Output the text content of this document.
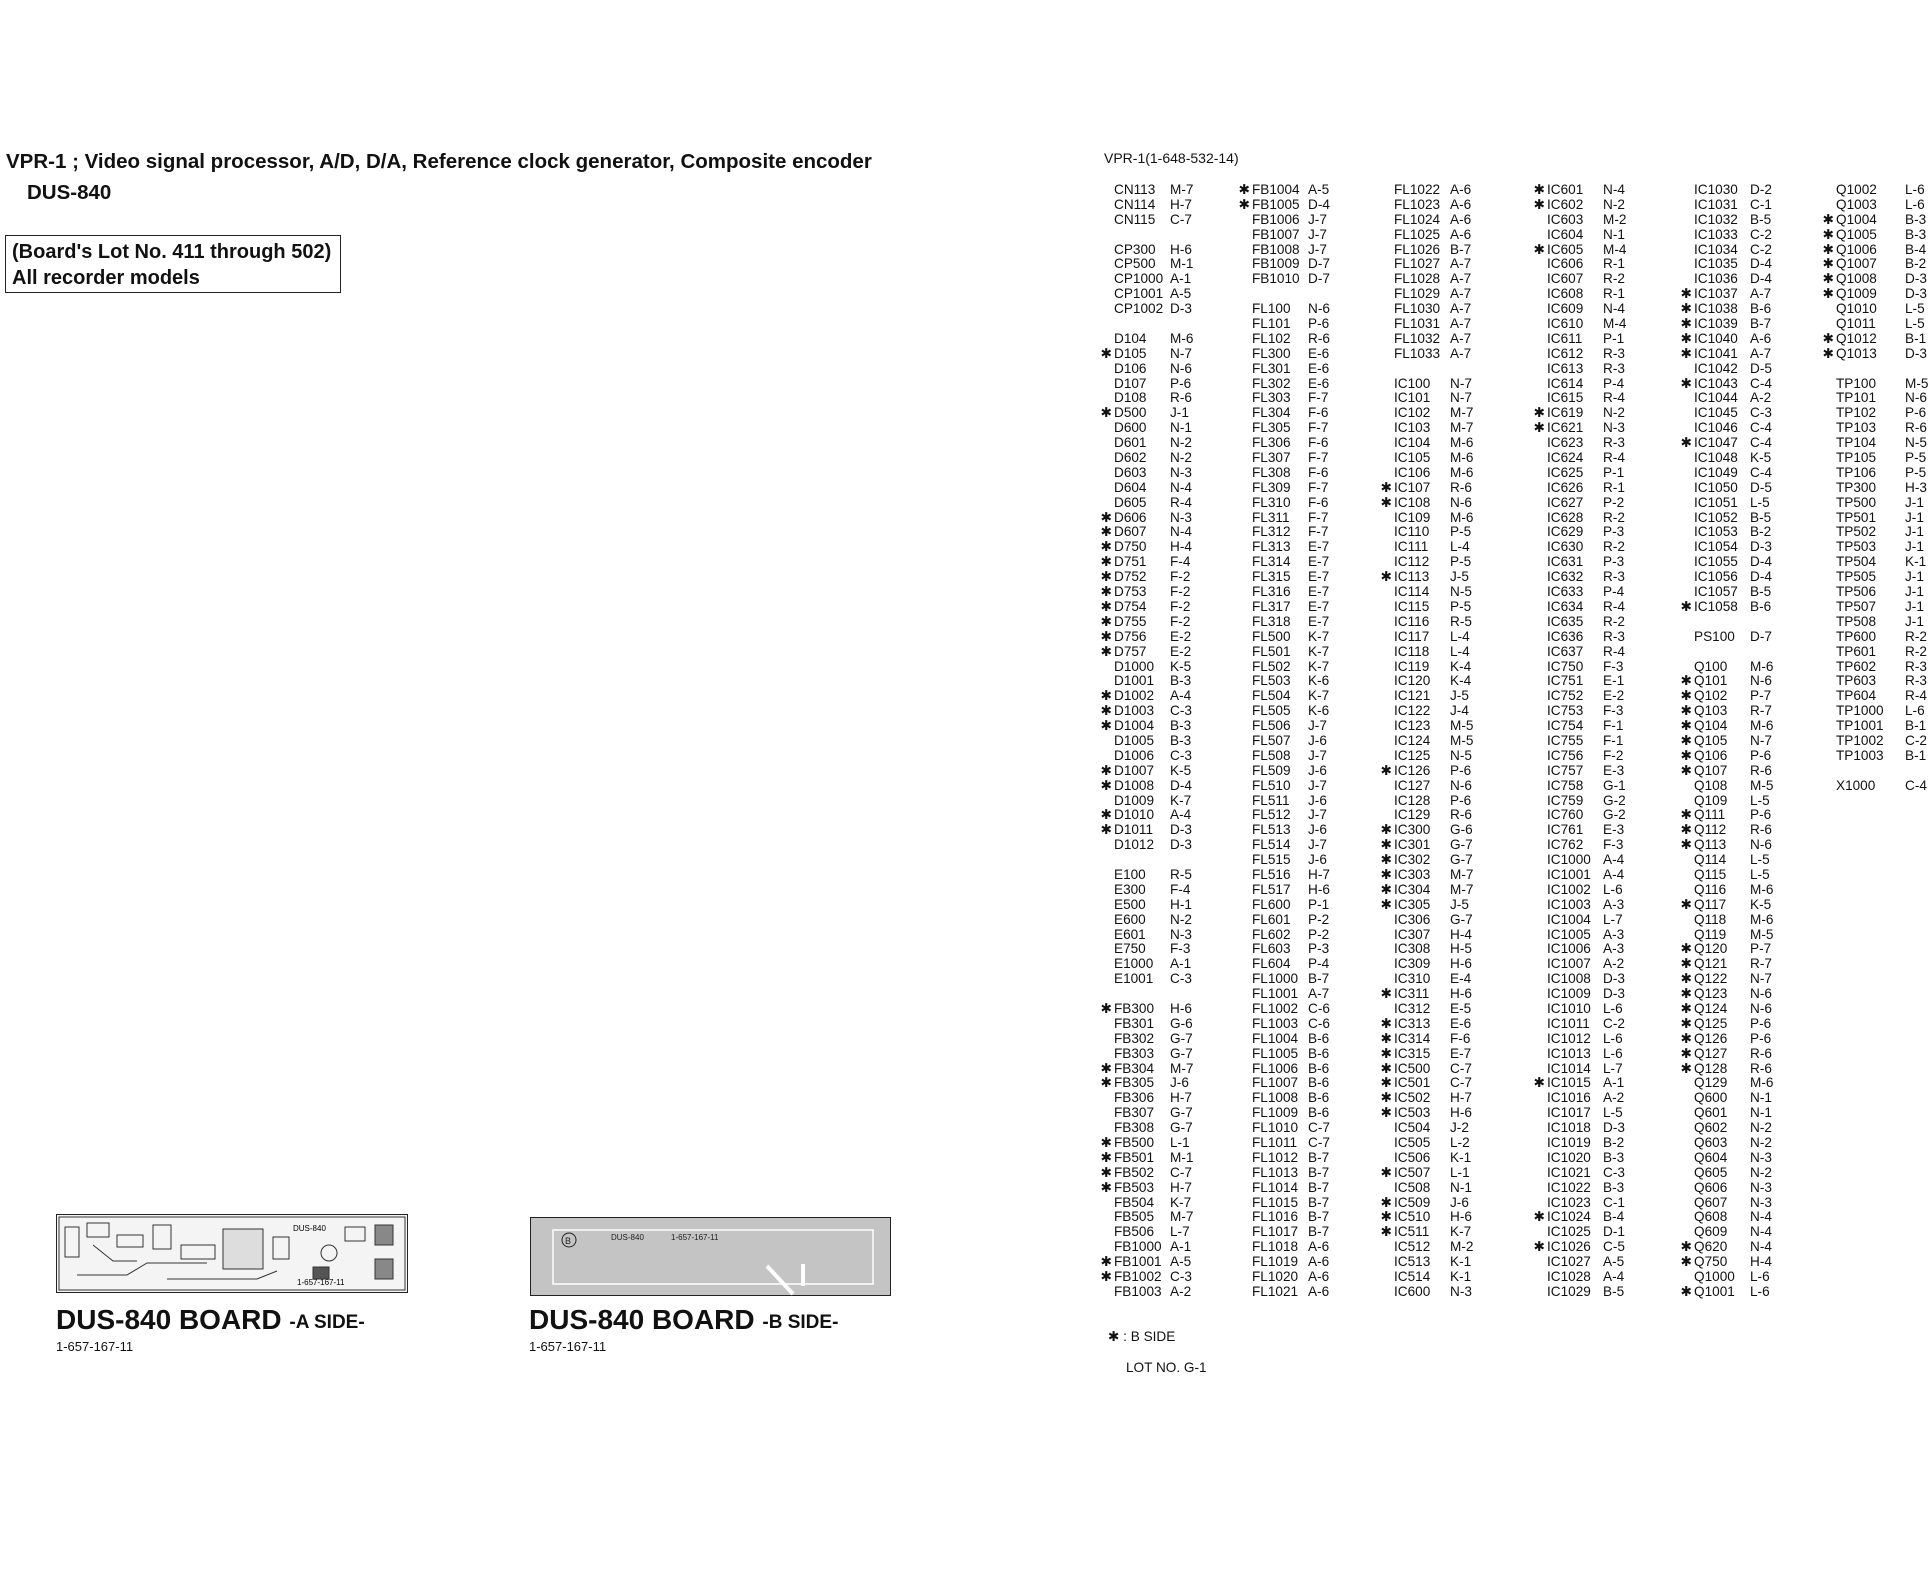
VPR-1 ; Video signal processor, A/D, D/A, Reference clock generator, Composite encoder
DUS-840
(Board's Lot No. 411 through 502)
All recorder models
DUS-840
1-657-167-11
DUS-840 BOARD -A SIDE-
1-657-167-11
B	DUS-840	1-657-167-11
DUS-840 BOARD -B SIDE-
1-657-167-11
VPR-1(1-648-532-14)
CN113 M-7
CN114 H-7
CN115 C-7
CP300 H-6
CP500 M-1
CP1000 A-1
CP1001 A-5
CP1002 D-3
D104 M-6
✱ D105 N-7
D106 N-6
D107 P-6
D108 R-6
✱ D500 J-1
D600 N-1
D601 N-2
D602 N-2
D603 N-3
D604 N-4
D605 R-4
✱ D606 N-3
✱ D607 N-4
✱ D750 H-4
✱ D751 F-4
✱ D752 F-2
✱ D753 F-2
✱ D754 F-2
✱ D755 F-2
✱ D756 E-2
✱ D757 E-2
D1000 K-5
D1001 B-3
✱ D1002 A-4
✱ D1003 C-3
✱ D1004 B-3
D1005 B-3
D1006 C-3
✱ D1007 K-5
✱ D1008 D-4
D1009 K-7
✱ D1010 A-4
✱ D1011 D-3
D1012 D-3
E100 R-5
E300 F-4
E500 H-1
E600 N-2
E601 N-3
E750 F-3
E1000 A-1
E1001 C-3
✱ FB300 H-6
FB301 G-6
FB302 G-7
FB303 G-7
✱ FB304 M-7
✱ FB305 J-6
FB306 H-7
FB307 G-7
FB308 G-7
✱ FB500 L-1
✱ FB501 M-1
✱ FB502 C-7
✱ FB503 H-7
FB504 K-7
FB505 M-7
FB506 L-7
FB1000 A-1
✱ FB1001 A-5
✱ FB1002 C-3
FB1003 A-2
✱ FB1004 A-5
✱ FB1005 D-4
FB1006 J-7
FB1007 J-7
FB1008 J-7
FB1009 D-7
FB1010 D-7
FL100 N-6
FL101 P-6
FL102 R-6
FL300 E-6
FL301 E-6
FL302 E-6
FL303 F-7
FL304 F-6
FL305 F-7
FL306 F-6
FL307 F-7
FL308 F-6
FL309 F-7
FL310 F-6
FL311 F-7
FL312 F-7
FL313 E-7
FL314 E-7
FL315 E-7
FL316 E-7
FL317 E-7
FL318 E-7
FL500 K-7
FL501 K-7
FL502 K-7
FL503 K-6
FL504 K-7
FL505 K-6
FL506 J-7
FL507 J-6
FL508 J-7
FL509 J-6
FL510 J-7
FL511 J-6
FL512 J-7
FL513 J-6
FL514 J-7
FL515 J-6
FL516 H-7
FL517 H-6
FL600 P-1
FL601 P-2
FL602 P-2
FL603 P-3
FL604 P-4
FL1000 B-7
FL1001 A-7
FL1002 C-6
FL1003 C-6
FL1004 B-6
FL1005 B-6
FL1006 B-6
FL1007 B-6
FL1008 B-6
FL1009 B-6
FL1010 C-7
FL1011 C-7
FL1012 B-7
FL1013 B-7
FL1014 B-7
FL1015 B-7
FL1016 B-7
FL1017 B-7
FL1018 A-6
FL1019 A-6
FL1020 A-6
FL1021 A-6
FL1022 A-6
FL1023 A-6
FL1024 A-6
FL1025 A-6
FL1026 B-7
FL1027 A-7
FL1028 A-7
FL1029 A-7
FL1030 A-7
FL1031 A-7
FL1032 A-7
FL1033 A-7
IC100 N-7
IC101 N-7
IC102 M-7
IC103 M-7
IC104 M-6
IC105 M-6
IC106 M-6
✱ IC107 R-6
✱ IC108 N-6
IC109 M-6
IC110 P-5
IC111 L-4
IC112 P-5
✱ IC113 J-5
IC114 N-5
IC115 P-5
IC116 R-5
IC117 L-4
IC118 L-4
IC119 K-4
IC120 K-4
IC121 J-5
IC122 J-4
IC123 M-5
IC124 M-5
IC125 N-5
✱ IC126 P-6
IC127 N-6
IC128 P-6
IC129 R-6
✱ IC300 G-6
✱ IC301 G-7
✱ IC302 G-7
✱ IC303 M-7
✱ IC304 M-7
✱ IC305 J-5
IC306 G-7
IC307 H-4
IC308 H-5
IC309 H-6
IC310 E-4
✱ IC311 H-6
IC312 E-5
✱ IC313 E-6
✱ IC314 F-6
✱ IC315 E-7
✱ IC500 C-7
✱ IC501 C-7
✱ IC502 H-7
✱ IC503 H-6
IC504 J-2
IC505 L-2
IC506 K-1
✱ IC507 L-1
IC508 N-1
✱ IC509 J-6
✱ IC510 H-6
✱ IC511 K-7
IC512 M-2
IC513 K-1
IC514 K-1
IC600 N-3
✱ IC601 N-4
✱ IC602 N-2
IC603 M-2
IC604 N-1
✱ IC605 M-4
IC606 R-1
IC607 R-2
IC608 R-1
IC609 N-4
IC610 M-4
IC611 P-1
IC612 R-3
IC613 R-3
IC614 P-4
IC615 R-4
✱ IC619 N-2
✱ IC621 N-3
IC623 R-3
IC624 R-4
IC625 P-1
IC626 R-1
IC627 P-2
IC628 R-2
IC629 P-3
IC630 R-2
IC631 P-3
IC632 R-3
IC633 P-4
IC634 R-4
IC635 R-2
IC636 R-3
IC637 R-4
IC750 F-3
IC751 E-1
IC752 E-2
IC753 F-3
IC754 F-1
IC755 F-1
IC756 F-2
IC757 E-3
IC758 G-1
IC759 G-2
IC760 G-2
IC761 E-3
IC762 F-3
IC1000 A-4
IC1001 A-4
IC1002 L-6
IC1003 A-3
IC1004 L-7
IC1005 A-3
IC1006 A-3
IC1007 A-2
IC1008 D-3
IC1009 D-3
IC1010 L-6
IC1011 C-2
IC1012 L-6
IC1013 L-6
IC1014 L-7
✱ IC1015 A-1
IC1016 A-2
IC1017 L-5
IC1018 D-3
IC1019 B-2
IC1020 B-3
IC1021 C-3
IC1022 B-3
IC1023 C-1
✱ IC1024 B-4
IC1025 D-1
✱ IC1026 C-5
IC1027 A-5
IC1028 A-4
IC1029 B-5
IC1030 D-2
IC1031 C-1
IC1032 B-5
IC1033 C-2
IC1034 C-2
IC1035 D-4
IC1036 D-4
✱ IC1037 A-7
✱ IC1038 B-6
✱ IC1039 B-7
✱ IC1040 A-6
✱ IC1041 A-7
IC1042 D-5
✱ IC1043 C-4
IC1044 A-2
IC1045 C-3
IC1046 C-4
✱ IC1047 C-4
IC1048 K-5
IC1049 C-4
IC1050 D-5
IC1051 L-5
IC1052 B-5
IC1053 B-2
IC1054 D-3
IC1055 D-4
IC1056 D-4
IC1057 B-5
✱ IC1058 B-6
PS100 D-7
Q100 M-6
✱ Q101 N-6
✱ Q102 P-7
✱ Q103 R-7
✱ Q104 M-6
✱ Q105 N-7
✱ Q106 P-6
✱ Q107 R-6
Q108 M-5
Q109 L-5
✱ Q111 P-6
✱ Q112 R-6
✱ Q113 N-6
Q114 L-5
Q115 L-5
Q116 M-6
✱ Q117 K-5
Q118 M-6
Q119 M-5
✱ Q120 P-7
✱ Q121 R-7
✱ Q122 N-7
✱ Q123 N-6
✱ Q124 N-6
✱ Q125 P-6
✱ Q126 P-6
✱ Q127 R-6
✱ Q128 R-6
Q129 M-6
Q600 N-1
Q601 N-1
Q602 N-2
Q603 N-2
Q604 N-3
Q605 N-2
Q606 N-3
Q607 N-3
Q608 N-4
Q609 N-4
✱ Q620 N-4
✱ Q750 H-4
Q1000 L-6
✱ Q1001 L-6
Q1002 L-6
Q1003 L-6
✱ Q1004 B-3
✱ Q1005 B-3
✱ Q1006 B-4
✱ Q1007 B-2
✱ Q1008 D-3
✱ Q1009 D-3
Q1010 L-5
Q1011 L-5
✱ Q1012 B-1
✱ Q1013 D-3
TP100 M-5
TP101 N-6
TP102 P-6
TP103 R-6
TP104 N-5
TP105 P-5
TP106 P-5
TP300 H-3
TP500 J-1
TP501 J-1
TP502 J-1
TP503 J-1
TP504 K-1
TP505 J-1
TP506 J-1
TP507 J-1
TP508 J-1
TP600 R-2
TP601 R-2
TP602 R-3
TP603 R-3
TP604 R-4
TP1000 L-6
TP1001 B-1
TP1002 C-2
TP1003 B-1
X1000 C-4
✱ : B SIDE
LOT NO. G-1
